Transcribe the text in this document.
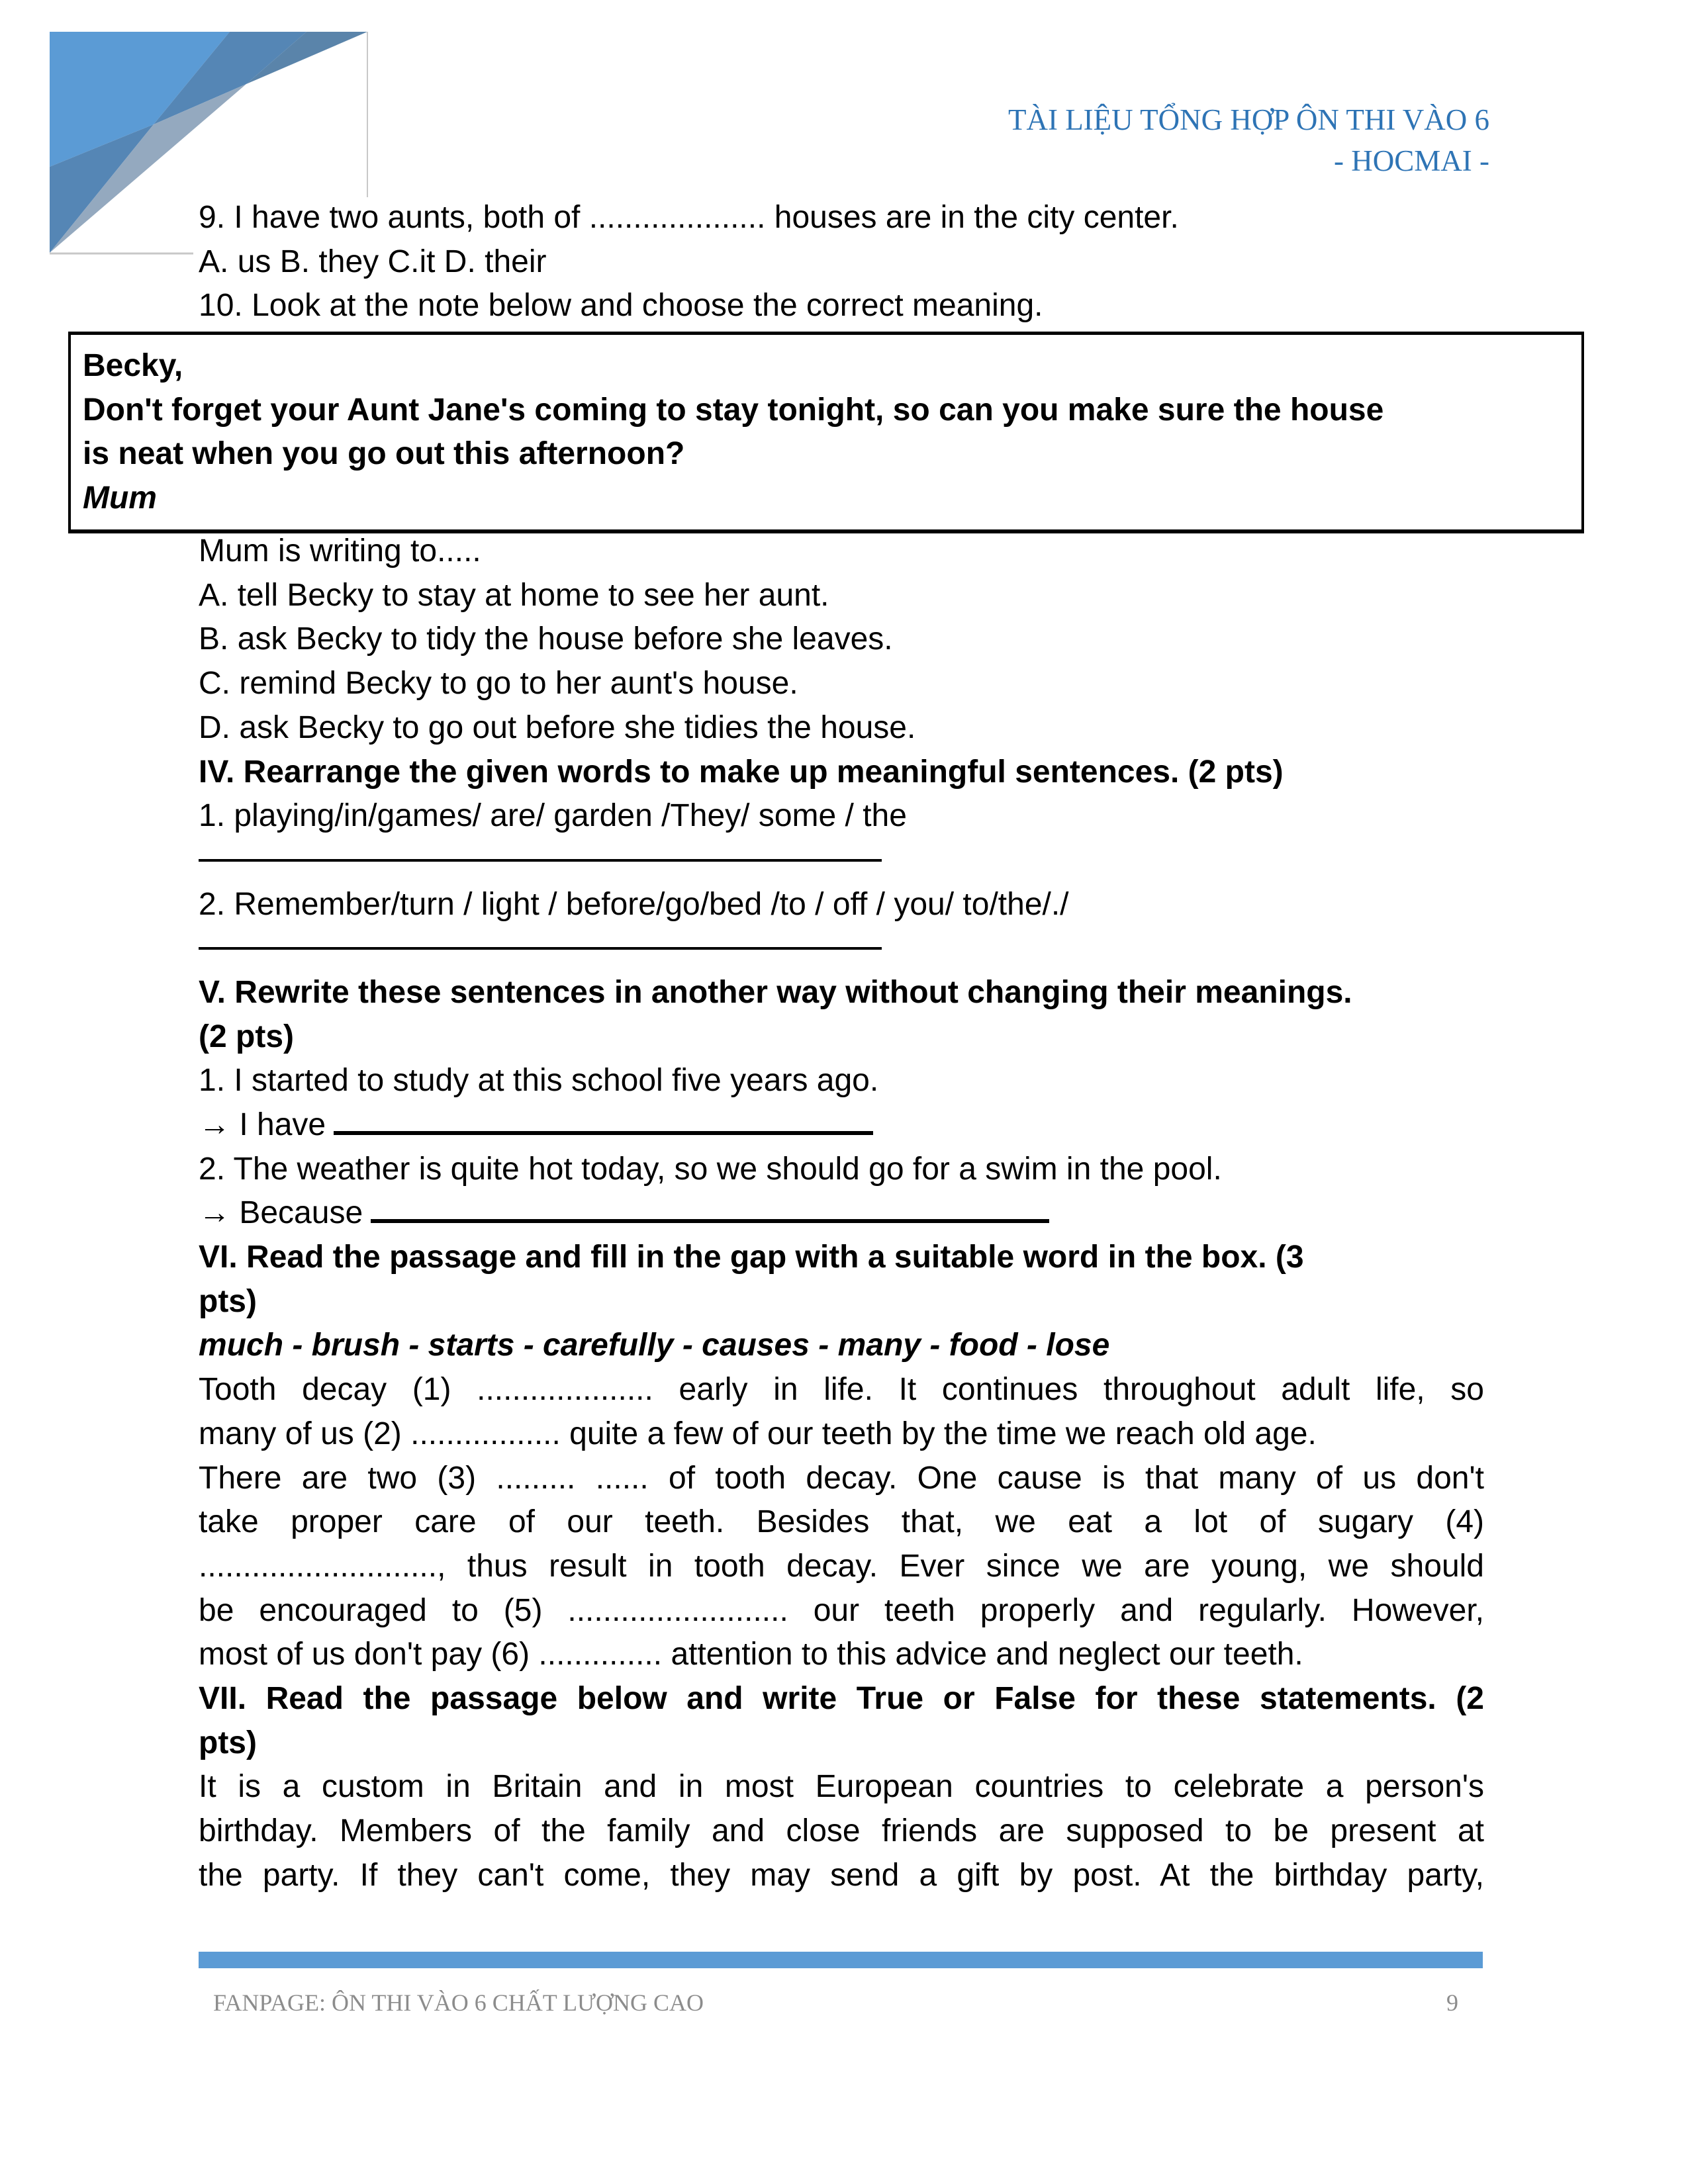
TÀI LIỆU TỔNG HỢP ÔN THI VÀO 6
- HOCMAI -
Becky,
Don't forget your Aunt Jane's coming to stay tonight, so can you make sure the house
is neat when you go out this afternoon?
Mum
9. I have two aunts, both of .................... houses are in the city center.
A. us B. they C.it D. their
10. Look at the note below and choose the correct meaning.
Mum is writing to.....
A. tell Becky to stay at home to see her aunt.
B. ask Becky to tidy the house before she leaves.
C. remind Becky to go to her aunt's house.
D. ask Becky to go out before she tidies the house.
IV. Rearrange the given words to make up meaningful sentences. (2 pts)
1. playing/in/games/ are/ garden /They/ some / the
2. Remember/turn / light / before/go/bed /to / off / you/ to/the/./
V. Rewrite these sentences in another way without changing their meanings.
(2 pts)
1. I started to study at this school five years ago.
→ I have
2. The weather is quite hot today, so we should go for a swim in the pool.
→ Because
VI. Read the passage and fill in the gap with a suitable word in the box. (3
pts)
much - brush - starts - carefully - causes - many - food - lose
Tooth decay (1) .................... early in life. It continues throughout adult life, so
many of us (2) ................. quite a few of our teeth by the time we reach old age.
There are two (3) ......... ...... of tooth decay. One cause is that many of us don't
take proper care of our teeth. Besides that, we eat a lot of sugary (4)
..........................., thus result in tooth decay. Ever since we are young, we should
be encouraged to (5) ......................... our teeth properly and regularly. However,
most of us don't pay (6) .............. attention to this advice and neglect our teeth.
VII. Read the passage below and write True or False for these statements. (2
pts)
It is a custom in Britain and in most European countries to celebrate a person's
birthday. Members of the family and close friends are supposed to be present at
the party. If they can't come, they may send a gift by post. At the birthday party,
FANPAGE: ÔN THI VÀO 6 CHẤT LƯỢNG CAO	9
